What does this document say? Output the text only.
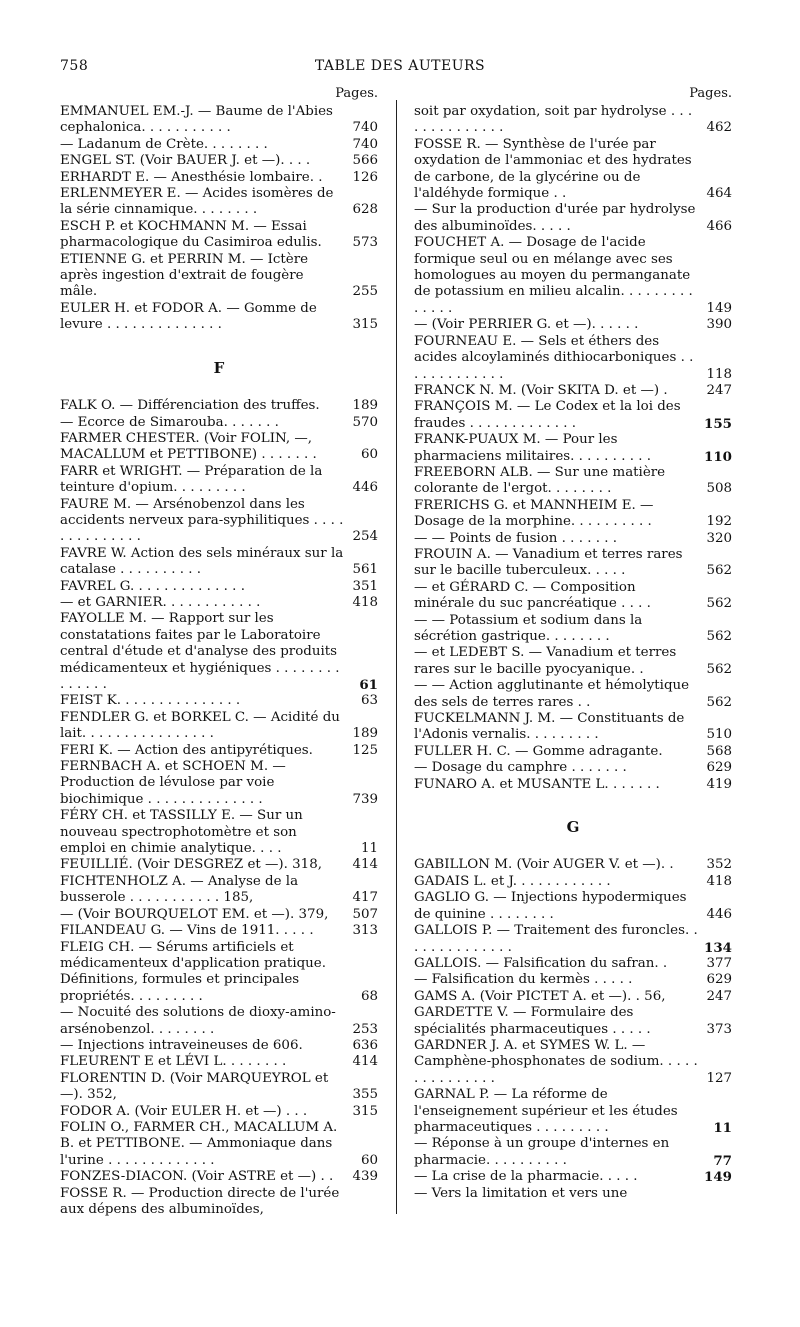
758	TABLE DES AUTEURS
Pages.
EMMANUEL EM.-J. — Baume de l'Abies cephalonica. . . . . . . . . . .	740
— Ladanum de Crète. . . . . . . .	740
ENGEL ST. (Voir BAUER J. et —). . . .	566
ERHARDT E. — Anesthésie lombaire. .	126
ERLENMEYER E. — Acides isomères de la série cinnamique. . . . . . . .	628
ESCH P. et KOCHMANN M. — Essai pharmacologique du Casimiroa edulis.	573
ETIENNE G. et PERRIN M. — Ictère après ingestion d'extrait de fougère mâle.	255
EULER H. et FODOR A. — Gomme de levure . . . . . . . . . . . . . .	315
F
FALK O. — Différenciation des truffes.	189
— Ecorce de Simarouba. . . . . . .	570
FARMER CHESTER. (Voir FOLIN, —, MACALLUM et PETTIBONE) . . . . . . .	60
FARR et WRIGHT. — Préparation de la teinture d'opium. . . . . . . . .	446
FAURE M. — Arsénobenzol dans les accidents nerveux para-syphilitiques . . . . . . . . . . . . . .	254
FAVRE W. Action des sels minéraux sur la catalase . . . . . . . . . .	561
FAVREL G. . . . . . . . . . . . . .	351
— et GARNIER. . . . . . . . . . . .	418
FAYOLLE M. — Rapport sur les constatations faites par le Laboratoire central d'étude et d'analyse des produits médicamenteux et hygiéniques . . . . . . . . . . . . . .	61
FEIST K. . . . . . . . . . . . . . .	63
FENDLER G. et BORKEL C. — Acidité du lait. . . . . . . . . . . . . . . .	189
FERI K. — Action des antipyrétiques.	125
FERNBACH A. et SCHOEN M. — Production de lévulose par voie biochimique . . . . . . . . . . . . . .	739
FÉRY CH. et TASSILLY E. — Sur un nouveau spectrophotomètre et son emploi en chimie analytique. . . .	11
FEUILLIÉ. (Voir DESGREZ et —). 318,	414
FICHTENHOLZ A. — Analyse de la busserole . . . . . . . . . . . 185,	417
— (Voir BOURQUELOT EM. et —). 379,	507
FILANDEAU G. — Vins de 1911. . . . .	313
FLEIG CH. — Sérums artificiels et médicamenteux d'application pratique. Définitions, formules et principales propriétés. . . . . . . . .	68
— Nocuité des solutions de dioxy-amino-arsénobenzol. . . . . . . .	253
— Injections intraveineuses de 606.	636
FLEURENT E et LÉVI L. . . . . . . .	414
FLORENTIN D. (Voir MARQUEYROL et —). 352,	355
FODOR A. (Voir EULER H. et —) . . .	315
FOLIN O., FARMER CH., MACALLUM A. B. et PETTIBONE. — Ammoniaque dans l'urine . . . . . . . . . . . . .	60
FONZES-DIACON. (Voir ASTRE et —) . .	439
FOSSE R. — Production directe de l'urée aux dépens des albuminoïdes,
Pages.
soit par oxydation, soit par hydrolyse . . . . . . . . . . . . . .	462
FOSSE R. — Synthèse de l'urée par oxydation de l'ammoniac et des hydrates de carbone, de la glycérine ou de l'aldéhyde formique . .	464
— Sur la production d'urée par hydrolyse des albuminoïdes. . . . .	466
FOUCHET A. — Dosage de l'acide formique seul ou en mélange avec ses homologues au moyen du permanganate de potassium en milieu alcalin. . . . . . . . . . . . . .	149
— (Voir PERRIER G. et —). . . . . .	390
FOURNEAU E. — Sels et éthers des acides alcoylaminés dithiocarboniques . . . . . . . . . . . . .	118
FRANCK N. M. (Voir SKITA D. et —) .	247
FRANÇOIS M. — Le Codex et la loi des fraudes . . . . . . . . . . . . .	155
FRANK-PUAUX M. — Pour les pharmaciens militaires. . . . . . . . . .	110
FREEBORN ALB. — Sur une matière colorante de l'ergot. . . . . . . .	508
FRERICHS G. et MANNHEIM E. — Dosage de la morphine. . . . . . . . . .	192
— — Points de fusion . . . . . . .	320
FROUIN A. — Vanadium et terres rares sur le bacille tuberculeux. . . . .	562
— et GÉRARD C. — Composition minérale du suc pancréatique . . . .	562
— — Potassium et sodium dans la sécrétion gastrique. . . . . . . .	562
— et LEDEBT S. — Vanadium et terres rares sur le bacille pyocyanique. .	562
— — Action agglutinante et hémolytique des sels de terres rares . .	562
FUCKELMANN J. M. — Constituants de l'Adonis vernalis. . . . . . . . .	510
FULLER H. C. — Gomme adragante.	568
— Dosage du camphre . . . . . . .	629
FUNARO A. et MUSANTE L. . . . . . .	419
G
GABILLON M. (Voir AUGER V. et —). .	352
GADAIS L. et J. . . . . . . . . . . .	418
GAGLIO G. — Injections hypodermiques de quinine . . . . . . . .	446
GALLOIS P. — Traitement des furoncles. . . . . . . . . . . . . .	134
GALLOIS. — Falsification du safran. .	377
— Falsification du kermès . . . . .	629
GAMS A. (Voir PICTET A. et —). . 56,	247
GARDETTE V. — Formulaire des spécialités pharmaceutiques . . . . .	373
GARDNER J. A. et SYMES W. L. — Camphène-phosphonates de sodium. . . . . . . . . . . . . . .	127
GARNAL P. — La réforme de l'enseignement supérieur et les études pharmaceutiques . . . . . . . . .	11
— Réponse à un groupe d'internes en pharmacie. . . . . . . . . .	77
— La crise de la pharmacie. . . . .	149
— Vers la limitation et vers une
